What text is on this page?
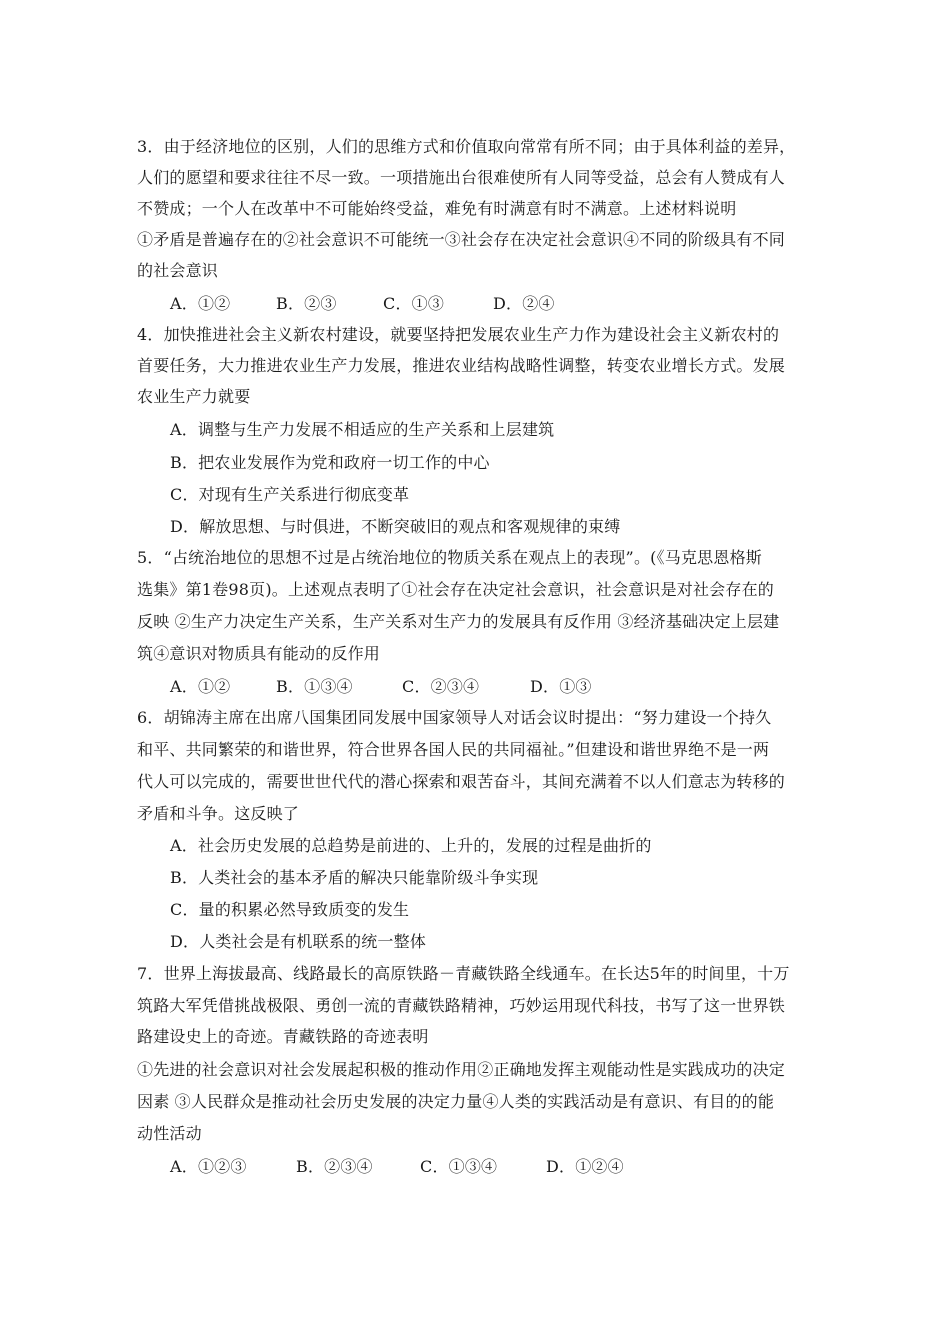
3．由于经济地位的区别，人们的思维方式和价值取向常常有所不同；由于具体利益的差异，
人们的愿望和要求往往不尽一致。一项措施出台很难使所有人同等受益，总会有人赞成有人
不赞成；一个人在改革中不可能始终受益，难免有时满意有时不满意。上述材料说明
①矛盾是普遍存在的②社会意识不可能统一③社会存在决定社会意识④不同的阶级具有不同
的社会意识
A．①②	B．②③	C．①③	D．②④
4．加快推进社会主义新农村建设，就要坚持把发展农业生产力作为建设社会主义新农村的
首要任务，大力推进农业生产力发展，推进农业结构战略性调整，转变农业增长方式。发展
农业生产力就要
A．调整与生产力发展不相适应的生产关系和上层建筑
B．把农业发展作为党和政府一切工作的中心
C．对现有生产关系进行彻底变革
D．解放思想、与时俱进，不断突破旧的观点和客观规律的束缚
5．“占统治地位的思想不过是占统治地位的物质关系在观点上的表现”。(《马克思恩格斯
选集》第1卷98页)。上述观点表明了①社会存在决定社会意识，社会意识是对社会存在的
反映 ②生产力决定生产关系，生产关系对生产力的发展具有反作用 ③经济基础决定上层建
筑④意识对物质具有能动的反作用
A．①②	B．①③④	C．②③④	D．①③
6．胡锦涛主席在出席八国集团同发展中国家领导人对话会议时提出：“努力建设一个持久
和平、共同繁荣的和谐世界，符合世界各国人民的共同福祉。”但建设和谐世界绝不是一两
代人可以完成的，需要世世代代的潜心探索和艰苦奋斗，其间充满着不以人们意志为转移的
矛盾和斗争。这反映了
A．社会历史发展的总趋势是前进的、上升的，发展的过程是曲折的
B．人类社会的基本矛盾的解决只能靠阶级斗争实现
C．量的积累必然导致质变的发生
D．人类社会是有机联系的统一整体
7．世界上海拔最高、线路最长的高原铁路－青藏铁路全线通车。在长达5年的时间里，十万
筑路大军凭借挑战极限、勇创一流的青藏铁路精神，巧妙运用现代科技，书写了这一世界铁
路建设史上的奇迹。青藏铁路的奇迹表明
①先进的社会意识对社会发展起积极的推动作用②正确地发挥主观能动性是实践成功的决定
因素 ③人民群众是推动社会历史发展的决定力量④人类的实践活动是有意识、有目的的能
动性活动
A．①②③	B．②③④	C．①③④	D．①②④
